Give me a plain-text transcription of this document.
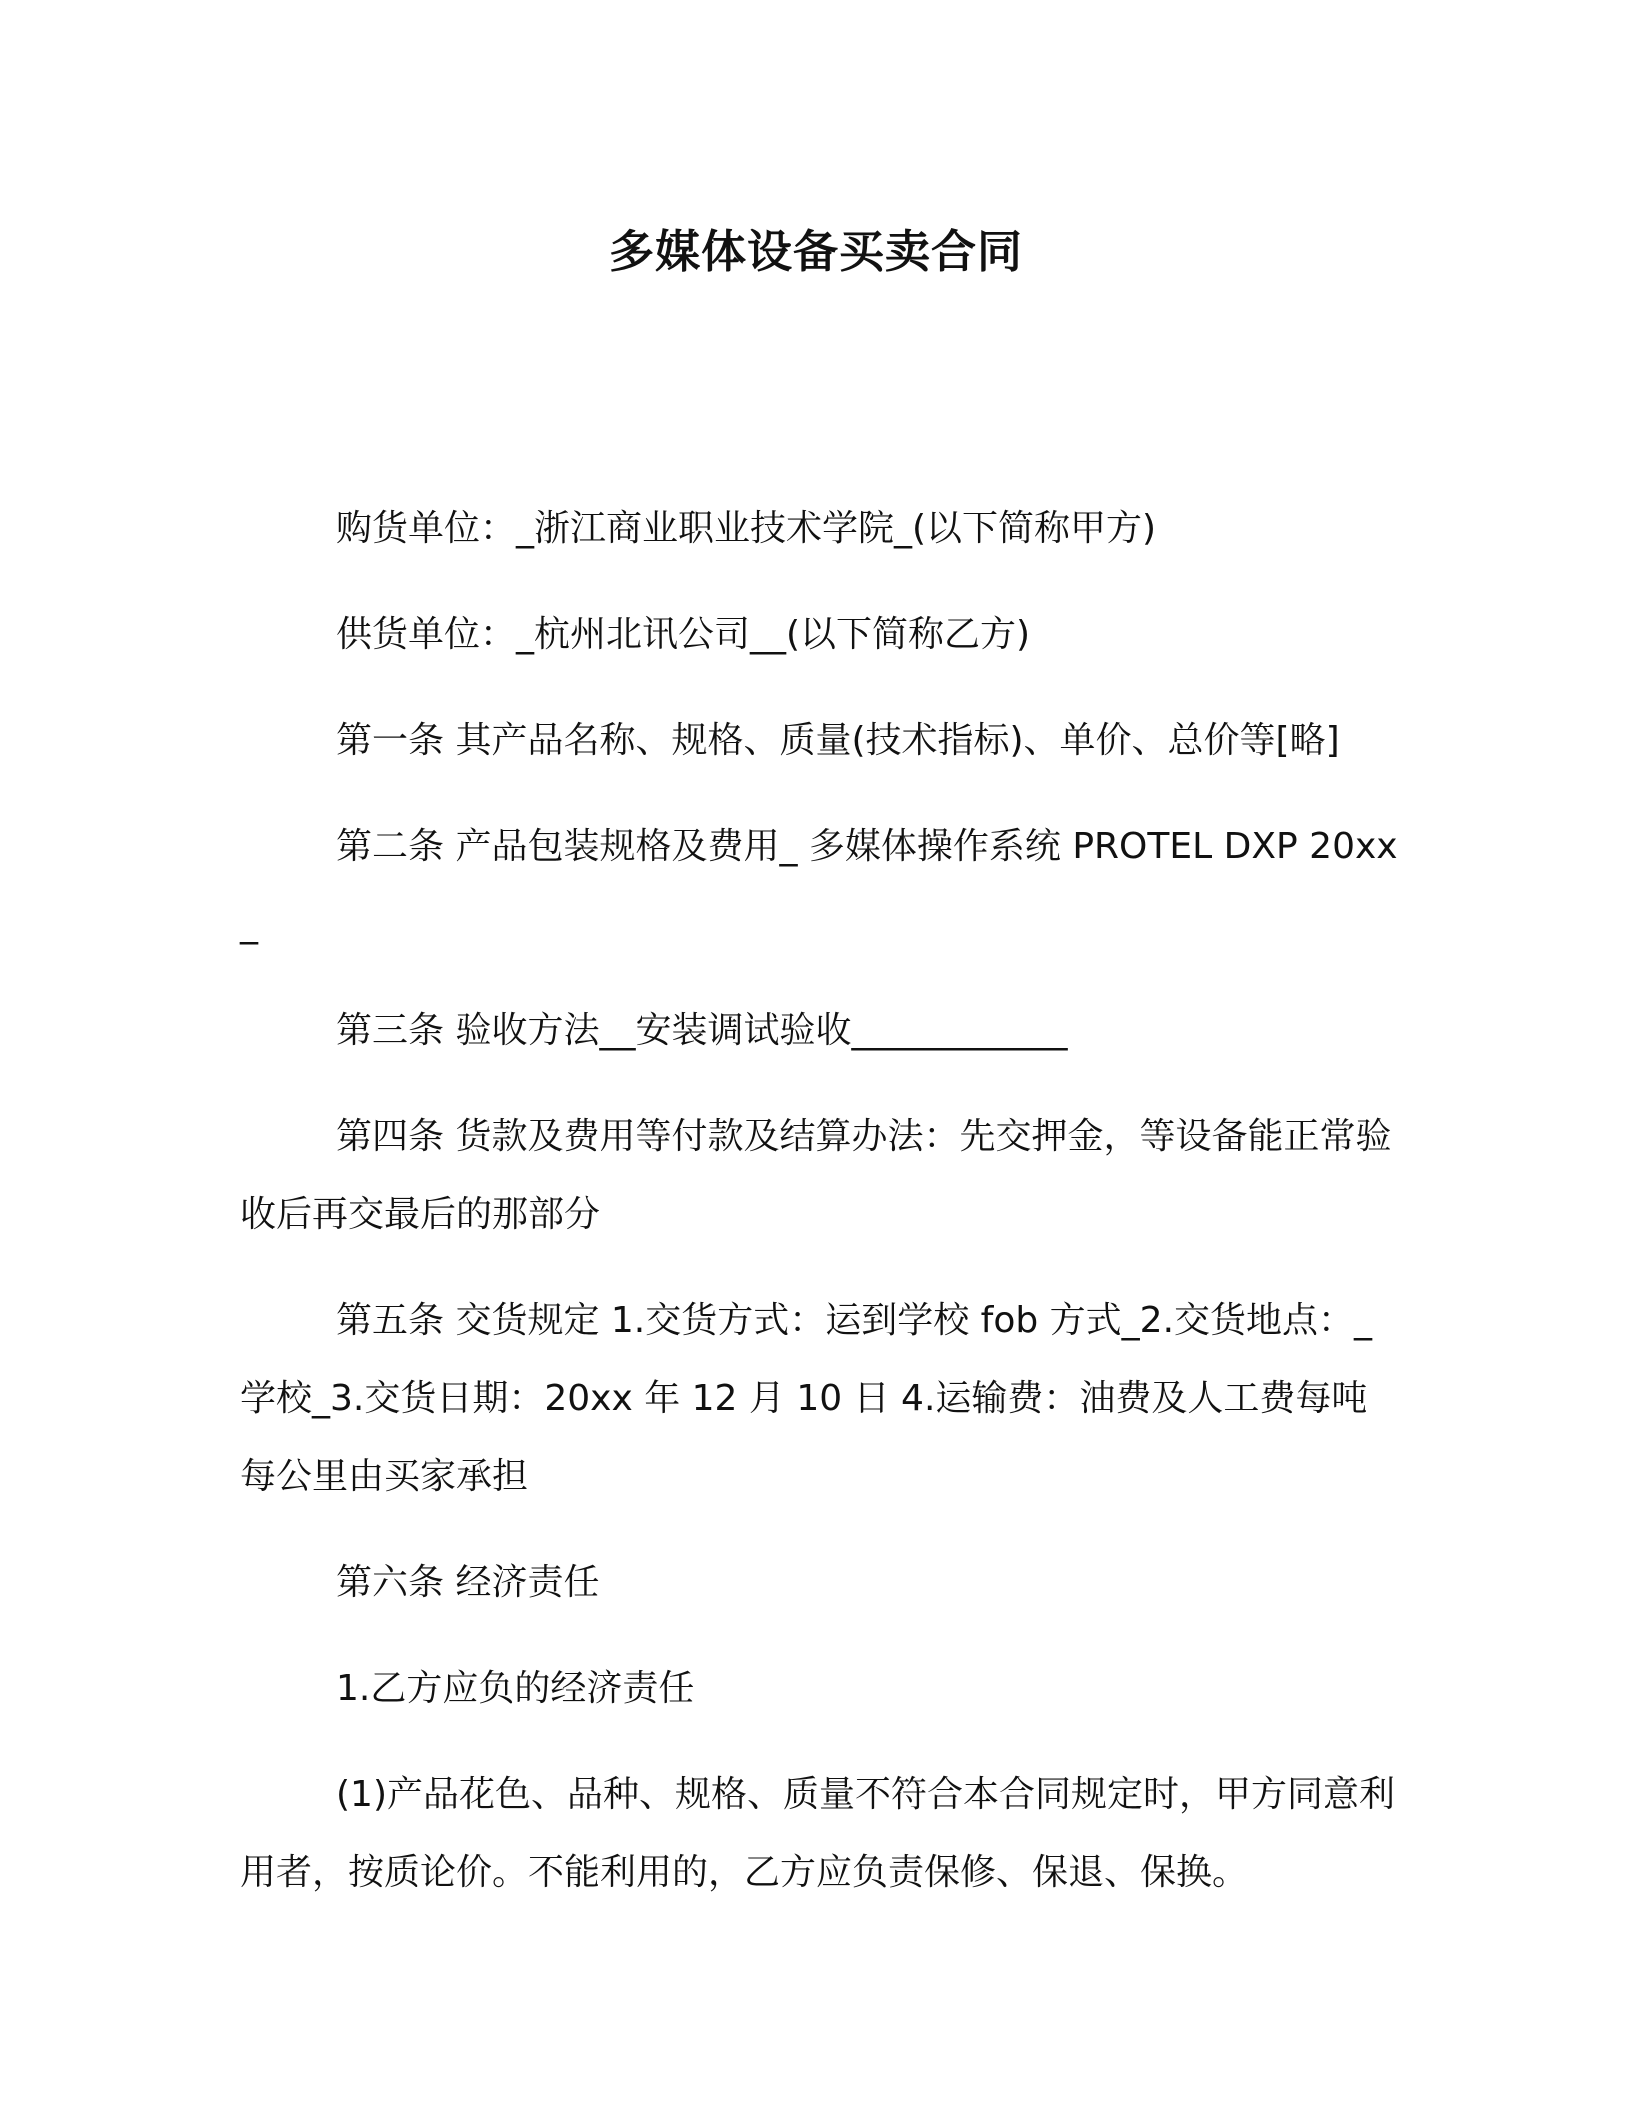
多媒体设备买卖合同

购货单位：_浙江商业职业技术学院_(以下简称甲方)

供货单位：_杭州北讯公司__(以下简称乙方)

第一条 其产品名称、规格、质量(技术指标)、单价、总价等[略]

第二条 产品包装规格及费用_ 多媒体操作系统 PROTEL DXP 20xx_

第三条 验收方法__安装调试验收____________

第四条 货款及费用等付款及结算办法：先交押金，等设备能正常验收后再交最后的那部分

第五条 交货规定 1.交货方式：运到学校 fob 方式_2.交货地点：_学校_3.交货日期：20xx 年 12 月 10 日 4.运输费：油费及人工费每吨每公里由买家承担

第六条 经济责任

1.乙方应负的经济责任

(1)产品花色、品种、规格、质量不符合本合同规定时，甲方同意利用者，按质论价。不能利用的，乙方应负责保修、保退、保换。
